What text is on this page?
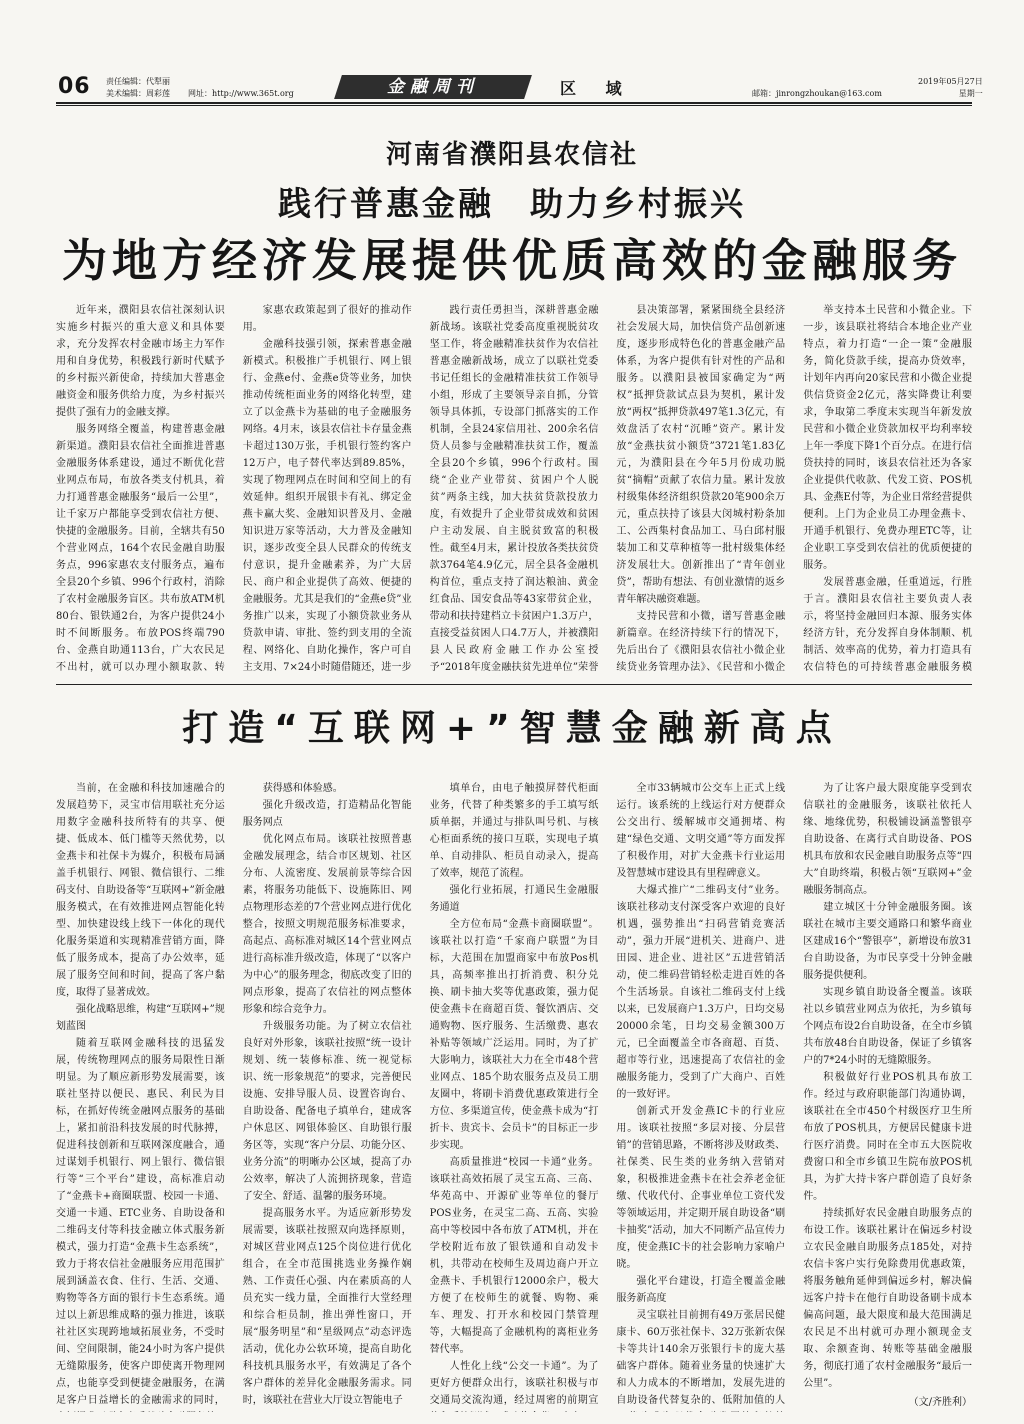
06 责任编辑：代犁丽
美术编辑：周彩莲 网址：http://www.365t.org	金融周刊	区 域	邮箱：jinrongzhoukan@163.com
2019年05月27日
星期一
河南省濮阳县农信社
践行普惠金融　助力乡村振兴
为地方经济发展提供优质高效的金融服务

近年来，濮阳县农信社深刻认识实施乡村振兴的重大意义和具体要求，充分发挥农村金融市场主力军作用和自身优势，积极践行新时代赋予的乡村振兴新使命，持续加大普惠金融资金和服务供给力度，为乡村振兴提供了强有力的金融支撑。

服务网络全覆盖，构建普惠金融新渠道。濮阳县农信社全面推进普惠金融服务体系建设，通过不断优化营业网点布局，布放各类支付机具，着力打通普惠金融服务“最后一公里”，让千家万户都能享受到农信社方便、快捷的金融服务。目前，全辖共有50个营业网点，164个农民金融自助服务点，996家惠农支付服务点，遍布全县20个乡镇、996个行政村，消除了农村金融服务盲区。共布放ATM机80台、银铁通2台，为客户提供24小时不间断服务。布放POS终端790台、金燕自助通113台，广大农民足不出村，就可以办理小额取款、转

家惠农政策起到了很好的推动作用。

金融科技强引领，探索普惠金融新模式。积极推广手机银行、网上银行、金燕e付、金燕e贷等业务，加快推动传统柜面业务的网络化转型，建立了以金燕卡为基础的电子金融服务网络。4月末，该县农信社卡存量金燕卡超过130万张，手机银行签约客户12万户，电子替代率达到89.85%，实现了物理网点在时间和空间上的有效延伸。组织开展银卡有礼、绑定金燕卡赢大奖、金融知识普及月、金融知识进万家等活动，大力普及金融知识，逐步改变全县人民群众的传统支付意识，提升金融素养，为广大居民、商户和企业提供了高效、便捷的金融服务。尤其是我们的“金燕e贷”业务推广以来，实现了小额贷款业务从贷款申请、审批、签约到支用的全流程、网络化、自助化操作，客户可自主支用、7×24小时随借随还，进一步

践行责任勇担当，深耕普惠金融新战场。该联社党委高度重视脱贫攻坚工作，将金融精准扶贫作为农信社普惠金融新战场，成立了以联社党委书记任组长的金融精准扶贫工作领导小组，形成了主要领导亲自抓，分管领导具体抓，专设部门抓落实的工作机制，全县24家信用社、200余名信贷人员参与金融精准扶贫工作，覆盖全县20个乡镇，996个行政村。围绕“企业产业带贫、贫困户个人脱贫”两条主线，加大扶贫贷款投放力度，有效提升了企业带贫成效和贫困户主动发展、自主脱贫致富的积极性。截至4月末，累计投放各类扶贫贷款3764笔4.9亿元，居全县各金融机构首位，重点支持了润达粮油、黄金红食品、国安食品等43家带贫企业，带动和扶持建档立卡贫困户1.3万户，直接受益贫困人口4.7万人，并被濮阳县人民政府金融工作办公室授予“2018年度金融扶贫先进单位”荣誉

县决策部署，紧紧围绕全县经济社会发展大局，加快信贷产品创新速度，逐步形成特色化的普惠金融产品体系，为客户提供有针对性的产品和服务。以濮阳县被国家确定为“两权”抵押贷款试点县为契机，累计发放“两权”抵押贷款497笔1.3亿元，有效盘活了农村“沉睡”资产。累计发放“金燕扶贫小额贷”3721笔1.83亿元，为濮阳县在今年5月份成功脱贫“摘帽”贡献了农信力量。累计发放村级集体经济组织贷款20笔900余万元，重点扶持了该县大闵城村粉条加工、公西集村食品加工、马白邱村服装加工和艾草种植等一批村级集体经济发展壮大。创新推出了“青年创业贷”，帮助有想法、有创业激情的返乡青年解决融资难题。

支持民营和小微，谱写普惠金融新篇章。在经济持续下行的情况下，先后出台了《濮阳县农信社小微企业续贷业务管理办法》、《民营和小微企

举支持本土民营和小微企业。下一步，该县联社将结合本地企业产业特点，着力打造“一企一策”金融服务，简化贷款手续，提高办贷效率，计划年内再向20家民营和小微企业提供信贷资金2亿元，落实降费让利要求，争取第二季度末实现当年新发放民营和小微企业贷款加权平均利率较上年一季度下降1个百分点。在进行信贷扶持的同时，该县农信社还为各家企业提供代收款、代发工资、POS机具、金燕E付等，为企业日常经营提供便利。上门为企业员工办理金燕卡、开通手机银行、免费办理ETC等，让企业职工享受到农信社的优质便捷的服务。

发展普惠金融，任重道远，行胜于言。濮阳县农信社主要负责人表示，将坚持金融回归本源、服务实体经济方针，充分发挥自身体制顺、机制活、效率高的优势，着力打造具有农信特色的可持续普惠金融服务模

打造“互联网+”智慧金融新高点

当前，在金融和科技加速融合的发展趋势下，灵宝市信用联社充分运用数字金融科技所特有的共享、便捷、低成本、低门槛等天然优势，以金燕卡和社保卡为媒介，积极布局涵盖手机银行、网银、微信银行、二维码支付、自助设备等“互联网+”新金融服务模式，在有效推进网点智能化转型、加快建设线上线下一体化的现代化服务渠道和实现精准营销方面，降低了服务成本，提高了办公效率，延展了服务空间和时间，提高了客户黏度，取得了显著成效。

强化战略思维，构建“互联网+”规划蓝图

随着互联网金融科技的迅猛发展，传统物理网点的服务局限性日渐明显。为了顺应新形势发展需要，该联社坚持以便民、惠民、利民为目标，在抓好传统金融网点服务的基础上，紧扣前沿科技发展的时代脉搏，促进科技创新和互联网深度融合，通过谋划手机银行、网上银行、微信银行等“三个平台”建设，高标准启动了“金燕卡+商圈联盟、校园一卡通、交通一卡通、ETC业务、自助设备和二维码支付等科技金融立体式服务新模式，强力打造“金燕卡生态系统”，致力于将农信社金融服务应用范围扩展到涵盖衣食、住行、生活、交通、购物等各方面的银行卡生态系统。通过以上新思维成略的强力推进，该联社社区实现跨地域拓展业务，不受时间、空间限制，能24小时为客户提供无缝隙服务，使客户即使离开物理网点，也能享受到便捷金融服务，在满足客户日益增长的金融需求的同时，

获得感和体验感。

强化升级改造，打造精品化智能服务网点

优化网点布局。该联社按照普惠金融发展理念，结合市区规划、社区分布、人流密度、发展前景等综合因素，将服务功能低下、设施陈旧、网点物理形态差的7个营业网点进行优化整合，按照文明规范服务标准要求，高起点、高标准对城区14个营业网点进行高标准升级改造，体现了“以客户为中心”的服务理念，彻底改变了旧的网点形象，提高了农信社的网点整体形象和综合竞争力。

升级服务功能。为了树立农信社良好对外形象，该联社按照“统一设计规划、统一装修标准、统一视觉标识、统一形象规范”的要求，完善便民设施、安排导服人员、设置咨询台、自助设备、配备电子填单台，建成客户休息区、网银体验区、自助银行服务区等，实现“客户分层、功能分区、业务分流”的明晰办公区域，提高了办公效率，解决了人流拥挤现象，营造了安全、舒适、温馨的服务环境。

提高服务水平。为适应新形势发展需要，该联社按照双向选择原则，对城区营业网点125个岗位进行优化组合，在全市范围挑选业务操作娴熟、工作责任心强、内在素质高的人员充实一线力量，全面推行大堂经理和综合柜员制，推出弹性窗口，开展“服务明星”和“星级网点”动态评选活动，优化办公软环境，提高自助化科技机具服务水平，有效满足了各个客户群体的差异化金融服务需求。同时，该联社在营业大厅设立智能电子

填单台，由电子触摸屏替代柜面业务，代替了种类繁多的手工填写纸质单据，并通过与排队叫号机、与核心柜面系统的接口互联，实现电子填单、自动排队、柜员自动录入，提高了效率，规范了流程。

强化行业拓展，打通民生金融服务通道

全方位布局“金燕卡商圈联盟”。该联社以打造“千家商户联盟”为目标，大范围在加盟商家中布放Pos机具，高频率推出打折消费、积分兑换、刷卡抽大奖等优惠政策，强力促使金燕卡在商超百货、餐饮酒店、交通购物、医疗服务、生活缴费、惠农补贴等领域广泛运用。同时，为了扩大影响力，该联社大力在全市48个营业网点、185个助农服务点及员工朋友圈中，将刷卡消费优惠政策进行全方位、多渠道宣传，使金燕卡成为“打折卡、贵宾卡、会员卡”的目标正一步步实现。

高质量推进“校园一卡通”业务。该联社高效拓展了灵宝五高、三高、华苑高中、开源矿业等单位的餐厅POS业务，在灵宝二高、五高、实验高中等校园中各布放了ATM机，并在学校附近布放了银铁通和自动发卡机，共带动在校师生及周边商户开立金燕卡、手机银行12000余户，极大方便了在校师生的就餐、购物、乘车、理发、打开水和校园门禁管理等，大幅提高了金融机构的离柜业务替代率。

人性化上线“公交一卡通”。为了更好方便群众出行，该联社积极与市交通局交流沟通，经过周密的前期宣

全市33辆城市公交车上正式上线运行。该系统的上线运行对方便群众公交出行、缓解城市交通拥堵、构建“绿色交通、文明交通”等方面发挥了积极作用，对扩大金燕卡行业运用及智慧城市建设具有里程碑意义。

大爆式推广“二维码支付”业务。该联社移动支付深受客户欢迎的良好机遇，强势推出“扫码营销竞赛活动”，强力开展“进机关、进商户、进田园、进企业、进社区”五进营销活动，使二维码营销轻松走进百姓的各个生活场景。自该社二维码支付上线以来，已发展商户1.3万户，日均交易20000余笔，日均交易金额300万元，已全面覆盖全市各商超、百货、超市等行业，迅速提高了农信社的金融服务能力，受到了广大商户、百姓的一致好评。

创新式开发金燕IC卡的行业应用。该联社按照“多层对接、分层营销”的营销思路，不断将涉及财政类、社保类、民生类的业务纳入营销对象，积极推进金燕卡在社会养老金征缴、代收代付、企事业单位工资代发等领域运用，并定期开展自助设备“刷卡抽奖”活动，加大不同断产品宣传力度，使金燕IC卡的社会影响力家喻户晓。

强化平台建设，打造全覆盖金融服务新高度

灵宝联社目前拥有49万张居民健康卡、60万张社保卡、32万张新农保卡等共计140余万张银行卡的庞大基础客户群体。随着业务量的快速扩大和人力成本的不断增加，发展先进的自助设备代替复杂的、低附加值的人

为了让客户最大限度能享受到农信联社的金融服务，该联社依托人缘、地缘优势，积极铺设涵盖警银亭自助设备、在离行式自助设备、POS机具布放和农民金融自助服务点等“四大”自助终端，积极占领“互联网+”金融服务制高点。

建立城区十分钟金融服务圈。该联社在城市主要交通路口和繁华商业区建成16个“警银亭”，新增设布放31台自助设备，为市民享受十分钟金融服务提供便利。

实现乡镇自助设备全覆盖。该联社以乡镇营业网点为依托，为乡镇每个网点布设2台自助设备，在全市乡镇共布放48台自助设备，保证了乡镇客户的7*24小时的无缝隙服务。

积极做好行业POS机具布放工作。经过与政府职能部门沟通协调，该联社在全市450个村级医疗卫生所布放了POS机具，方便居民健康卡进行医疗消费。同时在全市五大医院收费窗口和全市乡镇卫生院布放POS机具，为扩大持卡客户群创造了良好条件。

持续抓好农民金融自助服务点的布设工作。该联社累计在偏远乡村设立农民金融自助服务点185处，对持农信卡客户实行免除费用优惠政策，将服务触角延伸到偏远乡村，解决偏远客户持卡在他行自助设备刷卡成本偏高问题，最大限度和最大范围满足农民足不出村就可办理小额现金支取、余额查询、转账等基础金融服务，彻底打通了农村金融服务“最后一公里”。

（文/齐胜利）
